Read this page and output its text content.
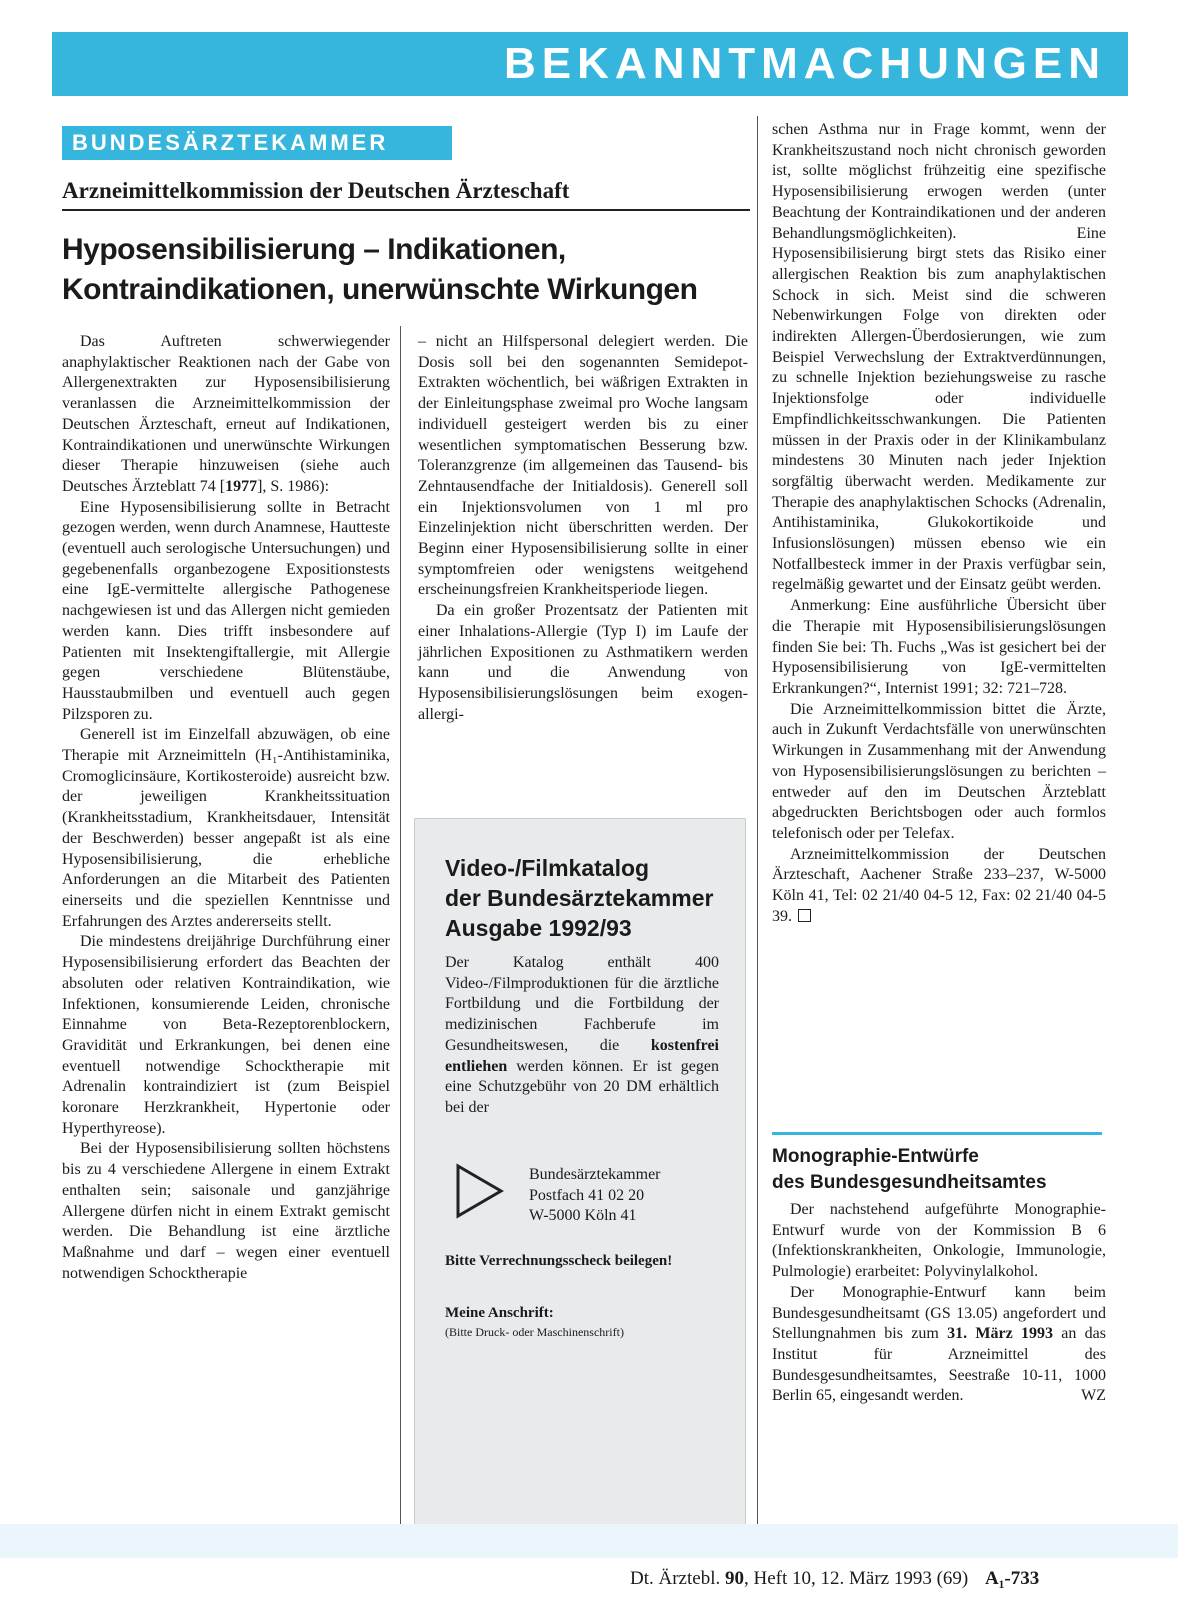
BEKANNTMACHUNGEN
BUNDESÄRZTEKAMMER
Arzneimittelkommission der Deutschen Ärzteschaft
Hyposensibilisierung – Indikationen,
Kontraindikationen, unerwünschte Wirkungen

Das Auftreten schwerwiegender anaphylaktischer Reaktionen nach der Gabe von Allergenextrakten zur Hyposensibilisierung veranlassen die Arzneimittelkommission der Deutschen Ärzteschaft, erneut auf Indikationen, Kontraindikationen und unerwünschte Wirkungen dieser Therapie hinzuweisen (siehe auch Deutsches Ärzteblatt 74 [1977], S. 1986):

Eine Hyposensibilisierung sollte in Betracht gezogen werden, wenn durch Anamnese, Hautteste (eventuell auch serologische Untersuchungen) und gegebenenfalls organbezogene Expositionstests eine IgE-vermittelte allergische Pathogenese nachgewiesen ist und das Allergen nicht gemieden werden kann. Dies trifft insbesondere auf Patienten mit Insektengiftallergie, mit Allergie gegen verschiedene Blütenstäube, Hausstaubmilben und eventuell auch gegen Pilzsporen zu.

Generell ist im Einzelfall abzuwägen, ob eine Therapie mit Arzneimitteln (H₁-Antihistaminika, Cromoglicinsäure, Kortikosteroide) ausreicht bzw. der jeweiligen Krankheitssituation (Krankheitsstadium, Krankheitsdauer, Intensität der Beschwerden) besser angepaßt ist als eine Hyposensibilisierung, die erhebliche Anforderungen an die Mitarbeit des Patienten einerseits und die speziellen Kenntnisse und Erfahrungen des Arztes andererseits stellt.

Die mindestens dreijährige Durchführung einer Hyposensibilisierung erfordert das Beachten der absoluten oder relativen Kontraindikation, wie Infektionen, konsumierende Leiden, chronische Einnahme von Beta-Rezeptorenblockern, Gravidität und Erkrankungen, bei denen eine eventuell notwendige Schocktherapie mit Adrenalin kontraindiziert ist (zum Beispiel koronare Herzkrankheit, Hypertonie oder Hyperthyreose).

Bei der Hyposensibilisierung sollten höchstens bis zu 4 verschiedene Allergene in einem Extrakt enthalten sein; saisonale und ganzjährige Allergene dürfen nicht in einem Extrakt gemischt werden. Die Behandlung ist eine ärztliche Maßnahme und darf – wegen einer eventuell notwendigen Schocktherapie

– nicht an Hilfspersonal delegiert werden. Die Dosis soll bei den sogenannten Semidepot-Extrakten wöchentlich, bei wäßrigen Extrakten in der Einleitungsphase zweimal pro Woche langsam individuell gesteigert werden bis zu einer wesentlichen symptomatischen Besserung bzw. Toleranzgrenze (im allgemeinen das Tausend- bis Zehntausendfache der Initialdosis). Generell soll ein Injektionsvolumen von 1 ml pro Einzelinjektion nicht überschritten werden. Der Beginn einer Hyposensibilisierung sollte in einer symptomfreien oder wenigstens weitgehend erscheinungsfreien Krankheitsperiode liegen.

Da ein großer Prozentsatz der Patienten mit einer Inhalations-Allergie (Typ I) im Laufe der jährlichen Expositionen zu Asthmatikern werden kann und die Anwendung von Hyposensibilisierungslösungen beim exogen-allergi-

Video-/Filmkatalog
der Bundesärztekammer
Ausgabe 1992/93

Der Katalog enthält 400 Video-/Filmproduktionen für die ärztliche Fortbildung und die Fortbildung der medizinischen Fachberufe im Gesundheitswesen, die kostenfrei entliehen werden können. Er ist gegen eine Schutzgebühr von 20 DM erhältlich bei der

Bundesärztekammer
Postfach 41 02 20
W-5000 Köln 41
Bitte Verrechnungsscheck beilegen!
Meine Anschrift:
(Bitte Druck- oder Maschinenschrift)

schen Asthma nur in Frage kommt, wenn der Krankheitszustand noch nicht chronisch geworden ist, sollte möglichst frühzeitig eine spezifische Hyposensibilisierung erwogen werden (unter Beachtung der Kontraindikationen und der anderen Behandlungsmöglichkeiten). Eine Hyposensibilisierung birgt stets das Risiko einer allergischen Reaktion bis zum anaphylaktischen Schock in sich. Meist sind die schweren Nebenwirkungen Folge von direkten oder indirekten Allergen-Überdosierungen, wie zum Beispiel Verwechslung der Extraktverdünnungen, zu schnelle Injektion beziehungsweise zu rasche Injektionsfolge oder individuelle Empfindlichkeitsschwankungen. Die Patienten müssen in der Praxis oder in der Klinikambulanz mindestens 30 Minuten nach jeder Injektion sorgfältig überwacht werden. Medikamente zur Therapie des anaphylaktischen Schocks (Adrenalin, Antihistaminika, Glukokortikoide und Infusionslösungen) müssen ebenso wie ein Notfallbesteck immer in der Praxis verfügbar sein, regelmäßig gewartet und der Einsatz geübt werden.

Anmerkung: Eine ausführliche Übersicht über die Therapie mit Hyposensibilisierungslösungen finden Sie bei: Th. Fuchs „Was ist gesichert bei der Hyposensibilisierung von IgE-vermittelten Erkrankungen?“, Internist 1991; 32: 721–728.

Die Arzneimittelkommission bittet die Ärzte, auch in Zukunft Verdachtsfälle von unerwünschten Wirkungen in Zusammenhang mit der Anwendung von Hyposensibilisierungslösungen zu berichten – entweder auf den im Deutschen Ärzteblatt abgedruckten Berichtsbogen oder auch formlos telefonisch oder per Telefax.

Arzneimittelkommission der Deutschen Ärzteschaft, Aachener Straße 233–237, W-5000 Köln 41, Tel: 02 21/40 04-5 12, Fax: 02 21/40 04-5 39.

Monographie-Entwürfe
des Bundesgesundheitsamtes

Der nachstehend aufgeführte Monographie-Entwurf wurde von der Kommission B 6 (Infektionskrankheiten, Onkologie, Immunologie, Pulmologie) erarbeitet: Polyvinylalkohol.

Der Monographie-Entwurf kann beim Bundesgesundheitsamt (GS 13.05) angefordert und Stellungnahmen bis zum 31. März 1993 an das Institut für Arzneimittel des Bundesgesundheitsamtes, Seestraße 10-11, 1000 Berlin 65, eingesandt werden.	WZ

Dt. Ärztebl. 90, Heft 10, 12. März 1993 (69) A₁-733
